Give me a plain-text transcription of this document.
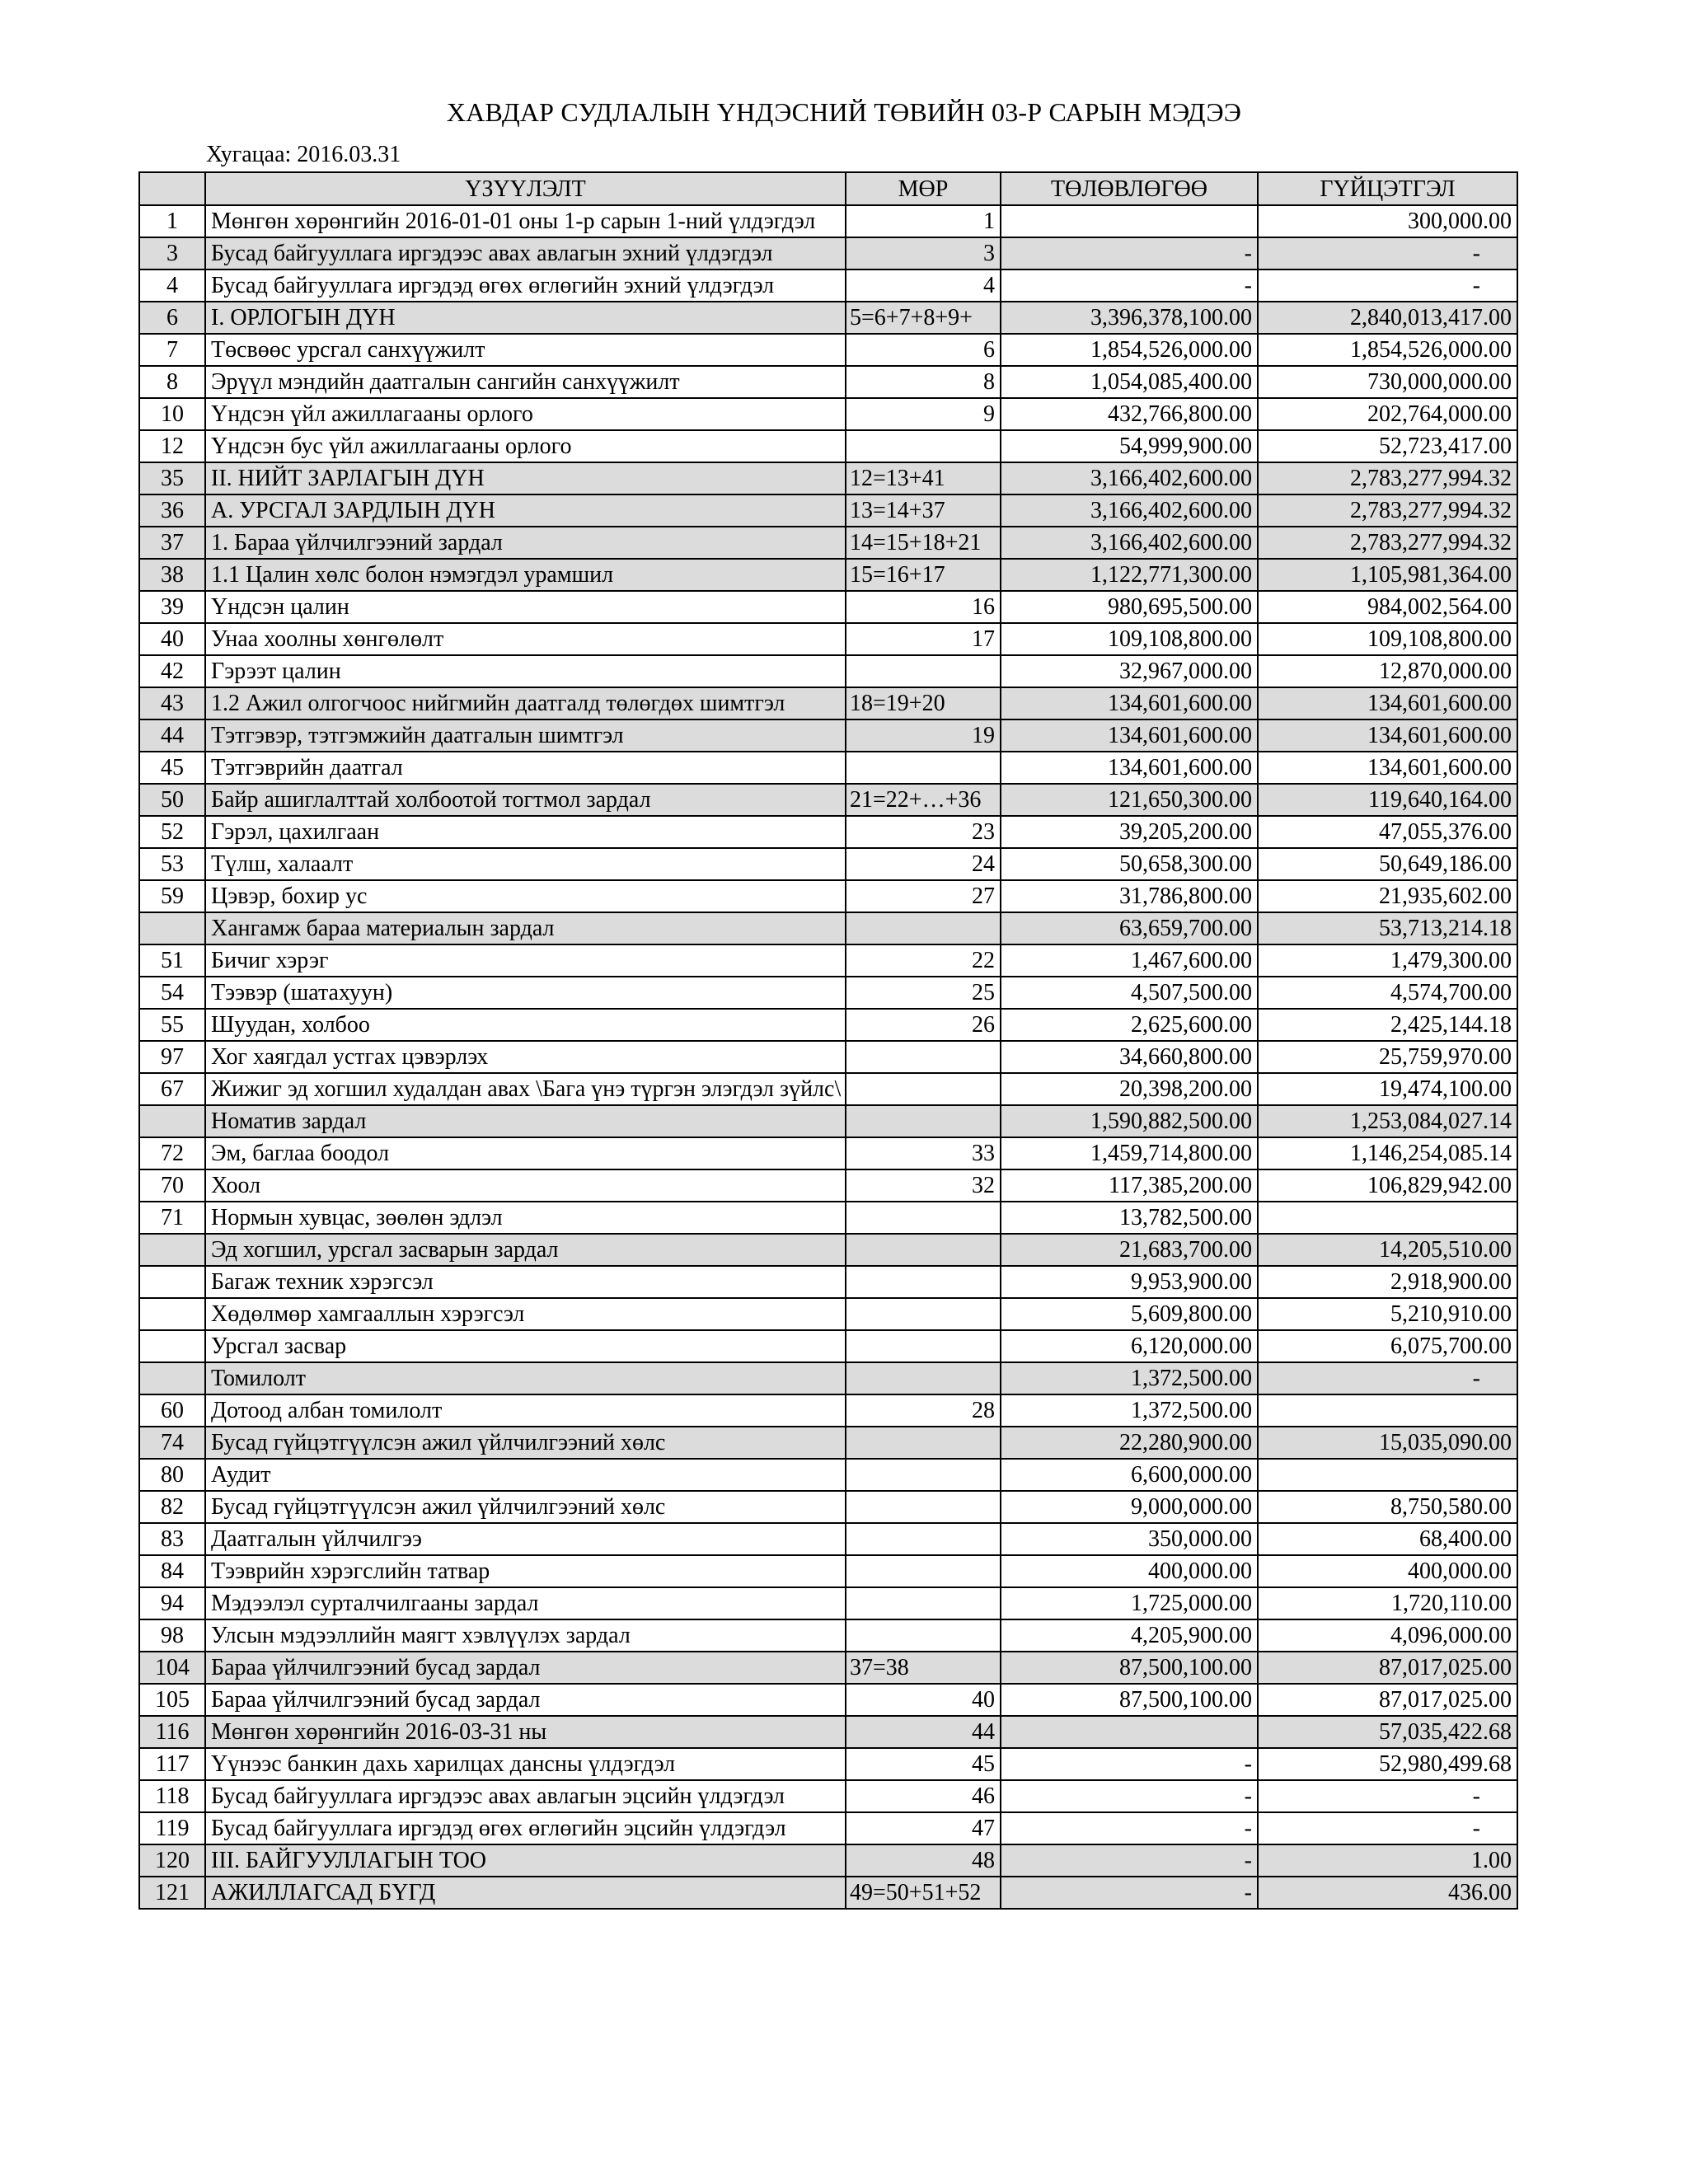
ХАВДАР СУДЛАЛЫН ҮНДЭСНИЙ ТӨВИЙН 03-Р САРЫН МЭДЭЭ
Хугацаа: 2016.03.31
	ҮЗҮҮЛЭЛТ	МӨР	ТӨЛӨВЛӨГӨӨ	ГҮЙЦЭТГЭЛ
1	Мөнгөн хөрөнгийн 2016-01-01 оны 1-р сарын 1-ний үлдэгдэл	1		300,000.00
3	Бусад байгууллага иргэдээс авах авлагын эхний үлдэгдэл	3	-	-
4	Бусад байгууллага иргэдэд өгөх өглөгийн эхний үлдэгдэл	4	-	-
6	I. ОРЛОГЫН ДҮН	5=6+7+8+9+	3,396,378,100.00	2,840,013,417.00
7	Төсвөөс урсгал санхүүжилт	6	1,854,526,000.00	1,854,526,000.00
8	Эрүүл мэндийн даатгалын сангийн санхүүжилт	8	1,054,085,400.00	730,000,000.00
10	Үндсэн үйл ажиллагааны орлого	9	432,766,800.00	202,764,000.00
12	Үндсэн бус үйл ажиллагааны орлого		54,999,900.00	52,723,417.00
35	II. НИЙТ ЗАРЛАГЫН ДҮН	12=13+41	3,166,402,600.00	2,783,277,994.32
36	А. УРСГАЛ ЗАРДЛЫН ДҮН	13=14+37	3,166,402,600.00	2,783,277,994.32
37	1. Бараа үйлчилгээний зардал	14=15+18+21	3,166,402,600.00	2,783,277,994.32
38	1.1 Цалин хөлс болон нэмэгдэл урамшил	15=16+17	1,122,771,300.00	1,105,981,364.00
39	Үндсэн цалин	16	980,695,500.00	984,002,564.00
40	Унаа хоолны хөнгөлөлт	17	109,108,800.00	109,108,800.00
42	Гэрээт цалин		32,967,000.00	12,870,000.00
43	1.2 Ажил олгогчоос нийгмийн даатгалд төлөгдөх шимтгэл	18=19+20	134,601,600.00	134,601,600.00
44	Тэтгэвэр, тэтгэмжийн даатгалын шимтгэл	19	134,601,600.00	134,601,600.00
45	Тэтгэврийн даатгал		134,601,600.00	134,601,600.00
50	Байр ашиглалттай холбоотой тогтмол зардал	21=22+…+36	121,650,300.00	119,640,164.00
52	Гэрэл, цахилгаан	23	39,205,200.00	47,055,376.00
53	Түлш, халаалт	24	50,658,300.00	50,649,186.00
59	Цэвэр, бохир ус	27	31,786,800.00	21,935,602.00
	Хангамж бараа материалын зардал		63,659,700.00	53,713,214.18
51	Бичиг хэрэг	22	1,467,600.00	1,479,300.00
54	Тээвэр (шатахуун)	25	4,507,500.00	4,574,700.00
55	Шуудан, холбоо	26	2,625,600.00	2,425,144.18
97	Хог хаягдал устгах цэвэрлэх		34,660,800.00	25,759,970.00
67	Жижиг эд хогшил худалдан авах \Бага үнэ түргэн элэгдэл зүйлс\		20,398,200.00	19,474,100.00
	Номатив зардал		1,590,882,500.00	1,253,084,027.14
72	Эм, баглаа боодол	33	1,459,714,800.00	1,146,254,085.14
70	Хоол	32	117,385,200.00	106,829,942.00
71	Нормын хувцас, зөөлөн эдлэл		13,782,500.00	
	Эд хогшил, урсгал засварын зардал		21,683,700.00	14,205,510.00
	Багаж техник хэрэгсэл		9,953,900.00	2,918,900.00
	Хөдөлмөр хамгааллын хэрэгсэл		5,609,800.00	5,210,910.00
	Урсгал засвар		6,120,000.00	6,075,700.00
	Томилолт		1,372,500.00	-
60	Дотоод албан томилолт	28	1,372,500.00	
74	Бусад гүйцэтгүүлсэн ажил үйлчилгээний хөлс		22,280,900.00	15,035,090.00
80	Аудит		6,600,000.00	
82	Бусад гүйцэтгүүлсэн ажил үйлчилгээний хөлс		9,000,000.00	8,750,580.00
83	Даатгалын үйлчилгээ		350,000.00	68,400.00
84	Тээврийн хэрэгслийн татвар		400,000.00	400,000.00
94	Мэдээлэл сурталчилгааны зардал		1,725,000.00	1,720,110.00
98	Улсын мэдээллийн маягт хэвлүүлэх зардал		4,205,900.00	4,096,000.00
104	Бараа үйлчилгээний бусад зардал	37=38	87,500,100.00	87,017,025.00
105	Бараа үйлчилгээний бусад зардал	40	87,500,100.00	87,017,025.00
116	Мөнгөн хөрөнгийн 2016-03-31 ны	44		57,035,422.68
117	Үүнээс банкин дахь харилцах дансны үлдэгдэл	45	-	52,980,499.68
118	Бусад байгууллага иргэдээс авах авлагын эцсийн үлдэгдэл	46	-	-
119	Бусад байгууллага иргэдэд өгөх өглөгийн эцсийн үлдэгдэл	47	-	-
120	III. БАЙГУУЛЛАГЫН ТОО	48	-	1.00
121	АЖИЛЛАГСАД БҮГД	49=50+51+52	-	436.00
